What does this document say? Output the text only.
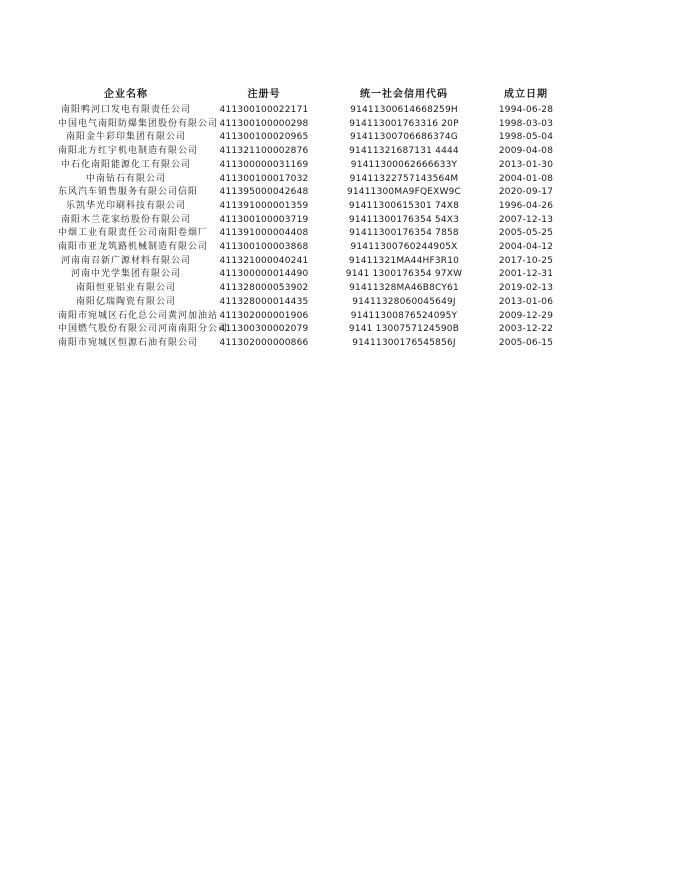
企业名称	注册号	统一社会信用代码	成立日期
南阳鸭河口发电有限责任公司	411300100022171	91411300614668259H	1994-06-28
中国电气南阳防爆集团股份有限公司	411300100000298	914113001763316 20P	1998-03-03
南阳金牛彩印集团有限公司	411300100020965	91411300706686374G	1998-05-04
南阳北方红宇机电制造有限公司	411321100002876	91411321687131 4444	2009-04-08
中石化南阳能源化工有限公司	411300000031169	91411300062666633Y	2013-01-30
中南钻石有限公司	411300100017032	91411322757143564M	2004-01-08
东风汽车销售服务有限公司信阳	411395000042648	91411300MA9FQEXW9C	2020-09-17
乐凯华光印刷科技有限公司	411391000001359	91411300615301 74X8	1996-04-26
南阳木兰花家纺股份有限公司	411300100003719	91411300176354 54X3	2007-12-13
中烟工业有限责任公司南阳卷烟厂	411391000004408	91411300176354 7858	2005-05-25
南阳市亚龙筑路机械制造有限公司	411300100003868	91411300760244905X	2004-04-12
河南南召新广源材料有限公司	411321000040241	91411321MA44HF3R10	2017-10-25
河南中光学集团有限公司	411300000014490	9141 1300176354 97XW	2001-12-31
南阳恒亚铝业有限公司	411328000053902	91411328MA46B8CY61	2019-02-13
南阳亿瑞陶瓷有限公司	411328000014435	91411328060045649J	2013-01-06
南阳市宛城区石化总公司黄河加油站	411302000001906	91411300876524095Y	2009-12-29
中国燃气股份有限公司河南南阳分公司	411300300002079	9141 1300757124590B	2003-12-22
南阳市宛城区恒源石油有限公司	411302000000866	91411300176545856J	2005-06-15
